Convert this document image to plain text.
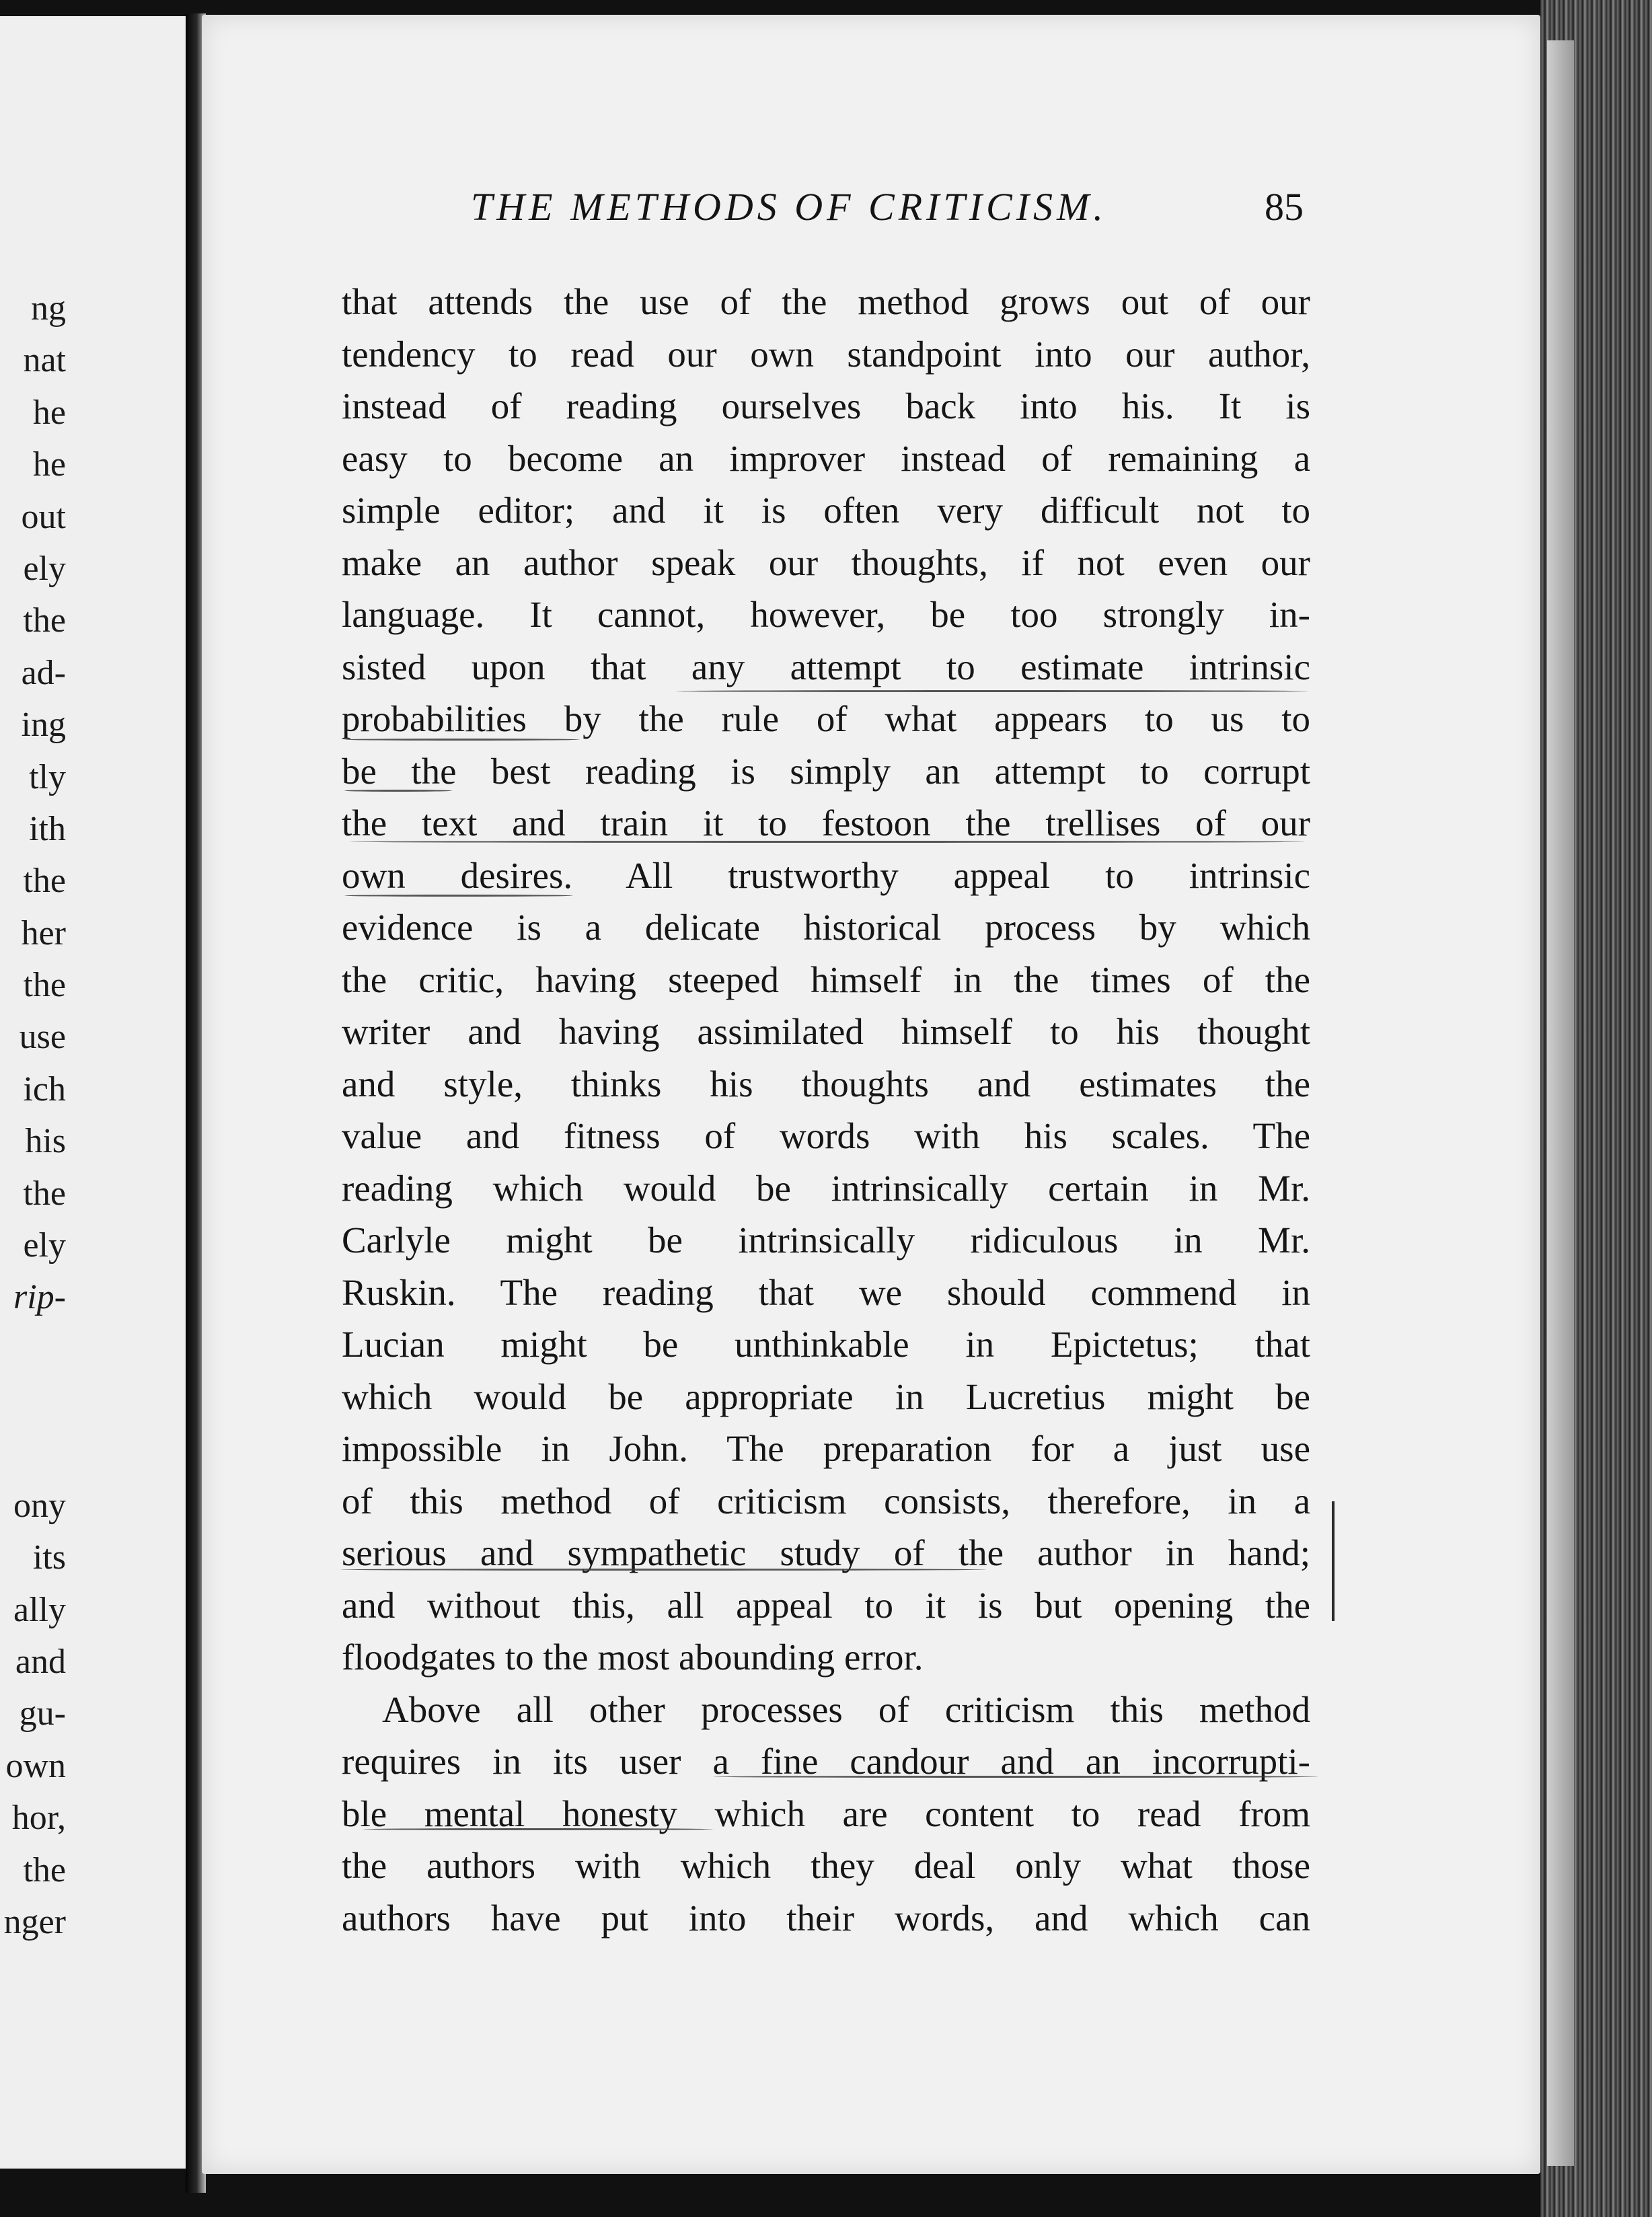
ng
nat
he
he
out
ely
the
ad-
ing
tly
ith
the
her
the
use
ich
his
the
ely
rip-
ony
its
ally
and
gu-
own
hor,
the
nger
THE METHODS OF CRITICISM.	85
that attends the use of the method grows out of our
tendency to read our own standpoint into our author,
instead of reading ourselves back into his. It is
easy to become an improver instead of remaining a
simple editor; and it is often very difficult not to
make an author speak our thoughts, if not even our
language. It cannot, however, be too strongly in-
sisted upon that any attempt to estimate intrinsic
probabilities by the rule of what appears to us to
be the best reading is simply an attempt to corrupt
the text and train it to festoon the trellises of our
own desires. All trustworthy appeal to intrinsic
evidence is a delicate historical process by which
the critic, having steeped himself in the times of the
writer and having assimilated himself to his thought
and style, thinks his thoughts and estimates the
value and fitness of words with his scales. The
reading which would be intrinsically certain in Mr.
Carlyle might be intrinsically ridiculous in Mr.
Ruskin. The reading that we should commend in
Lucian might be unthinkable in Epictetus; that
which would be appropriate in Lucretius might be
impossible in John. The preparation for a just use
of this method of criticism consists, therefore, in a
serious and sympathetic study of the author in hand;
and without this, all appeal to it is but opening the
floodgates to the most abounding error.
Above all other processes of criticism this method
requires in its user a fine candour and an incorrupti-
ble mental honesty which are content to read from
the authors with which they deal only what those
authors have put into their words, and which can
